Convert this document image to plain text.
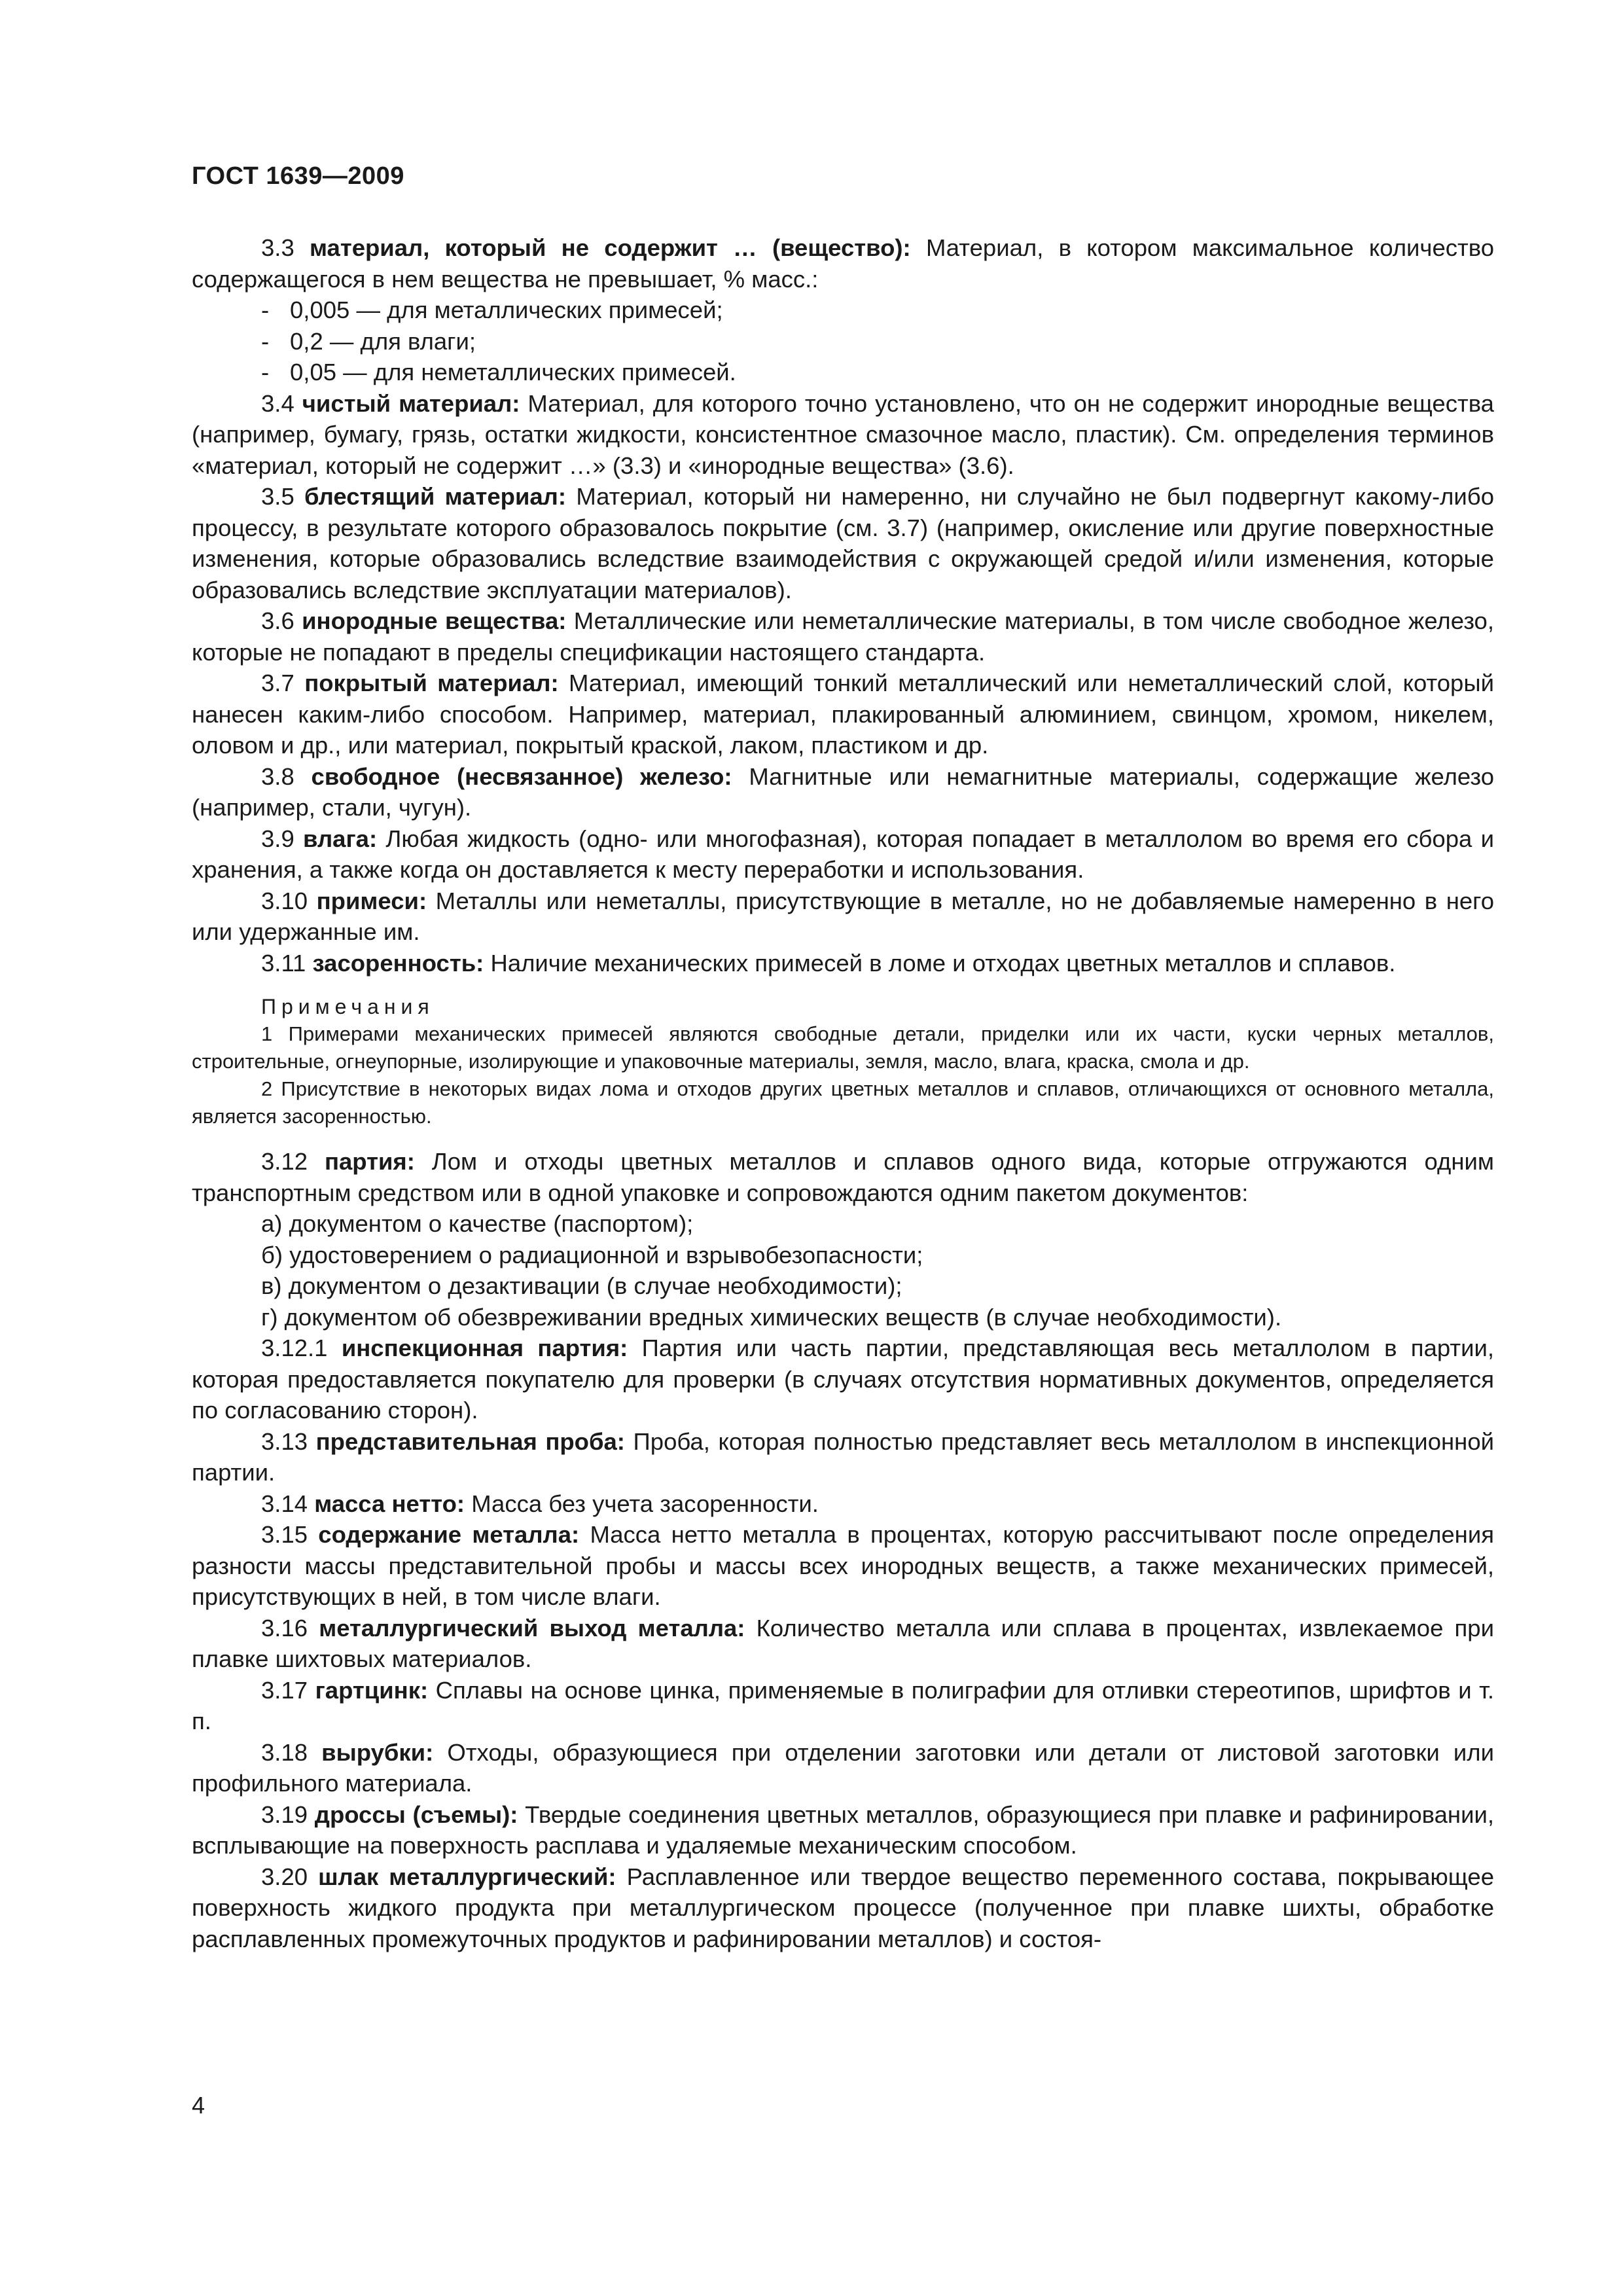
ГОСТ 1639—2009

3.3 материал, который не содержит … (вещество): Материал, в котором максимальное количество содержащегося в нем вещества не превышает, % масс.:

- 0,005 — для металлических примесей;

- 0,2 — для влаги;

- 0,05 — для неметаллических примесей.

3.4 чистый материал: Материал, для которого точно установлено, что он не содержит инородные вещества (например, бумагу, грязь, остатки жидкости, консистентное смазочное масло, пластик). См. определения терминов «материал, который не содержит …» (3.3) и «инородные вещества» (3.6).

3.5 блестящий материал: Материал, который ни намеренно, ни случайно не был подвергнут какому-либо процессу, в результате которого образовалось покрытие (см. 3.7) (например, окисление или другие поверхностные изменения, которые образовались вследствие взаимодействия с окружающей средой и/или изменения, которые образовались вследствие эксплуатации материалов).

3.6 инородные вещества: Металлические или неметаллические материалы, в том числе свободное железо, которые не попадают в пределы спецификации настоящего стандарта.

3.7 покрытый материал: Материал, имеющий тонкий металлический или неметаллический слой, который нанесен каким-либо способом. Например, материал, плакированный алюминием, свинцом, хромом, никелем, оловом и др., или материал, покрытый краской, лаком, пластиком и др.

3.8 свободное (несвязанное) железо: Магнитные или немагнитные материалы, содержащие железо (например, стали, чугун).

3.9 влага: Любая жидкость (одно- или многофазная), которая попадает в металлолом во время его сбора и хранения, а также когда он доставляется к месту переработки и использования.

3.10 примеси: Металлы или неметаллы, присутствующие в металле, но не добавляемые намеренно в него или удержанные им.

3.11 засоренность: Наличие механических примесей в ломе и отходах цветных металлов и сплавов.

Примечания

1 Примерами механических примесей являются свободные детали, приделки или их части, куски черных металлов, строительные, огнеупорные, изолирующие и упаковочные материалы, земля, масло, влага, краска, смола и др.

2 Присутствие в некоторых видах лома и отходов других цветных металлов и сплавов, отличающихся от основного металла, является засоренностью.

3.12 партия: Лом и отходы цветных металлов и сплавов одного вида, которые отгружаются одним транспортным средством или в одной упаковке и сопровождаются одним пакетом документов:

а) документом о качестве (паспортом);

б) удостоверением о радиационной и взрывобезопасности;

в) документом о дезактивации (в случае необходимости);

г) документом об обезвреживании вредных химических веществ (в случае необходимости).

3.12.1 инспекционная партия: Партия или часть партии, представляющая весь металлолом в партии, которая предоставляется покупателю для проверки (в случаях отсутствия нормативных документов, определяется по согласованию сторон).

3.13 представительная проба: Проба, которая полностью представляет весь металлолом в инспекционной партии.

3.14 масса нетто: Масса без учета засоренности.

3.15 содержание металла: Масса нетто металла в процентах, которую рассчитывают после определения разности массы представительной пробы и массы всех инородных веществ, а также механических примесей, присутствующих в ней, в том числе влаги.

3.16 металлургический выход металла: Количество металла или сплава в процентах, извлекаемое при плавке шихтовых материалов.

3.17 гартцинк: Сплавы на основе цинка, применяемые в полиграфии для отливки стереотипов, шрифтов и т. п.

3.18 вырубки: Отходы, образующиеся при отделении заготовки или детали от листовой заготовки или профильного материала.

3.19 дроссы (съемы): Твердые соединения цветных металлов, образующиеся при плавке и рафинировании, всплывающие на поверхность расплава и удаляемые механическим способом.

3.20 шлак металлургический: Расплавленное или твердое вещество переменного состава, покрывающее поверхность жидкого продукта при металлургическом процессе (полученное при плавке шихты, обработке расплавленных промежуточных продуктов и рафинировании металлов) и состоя-

4
